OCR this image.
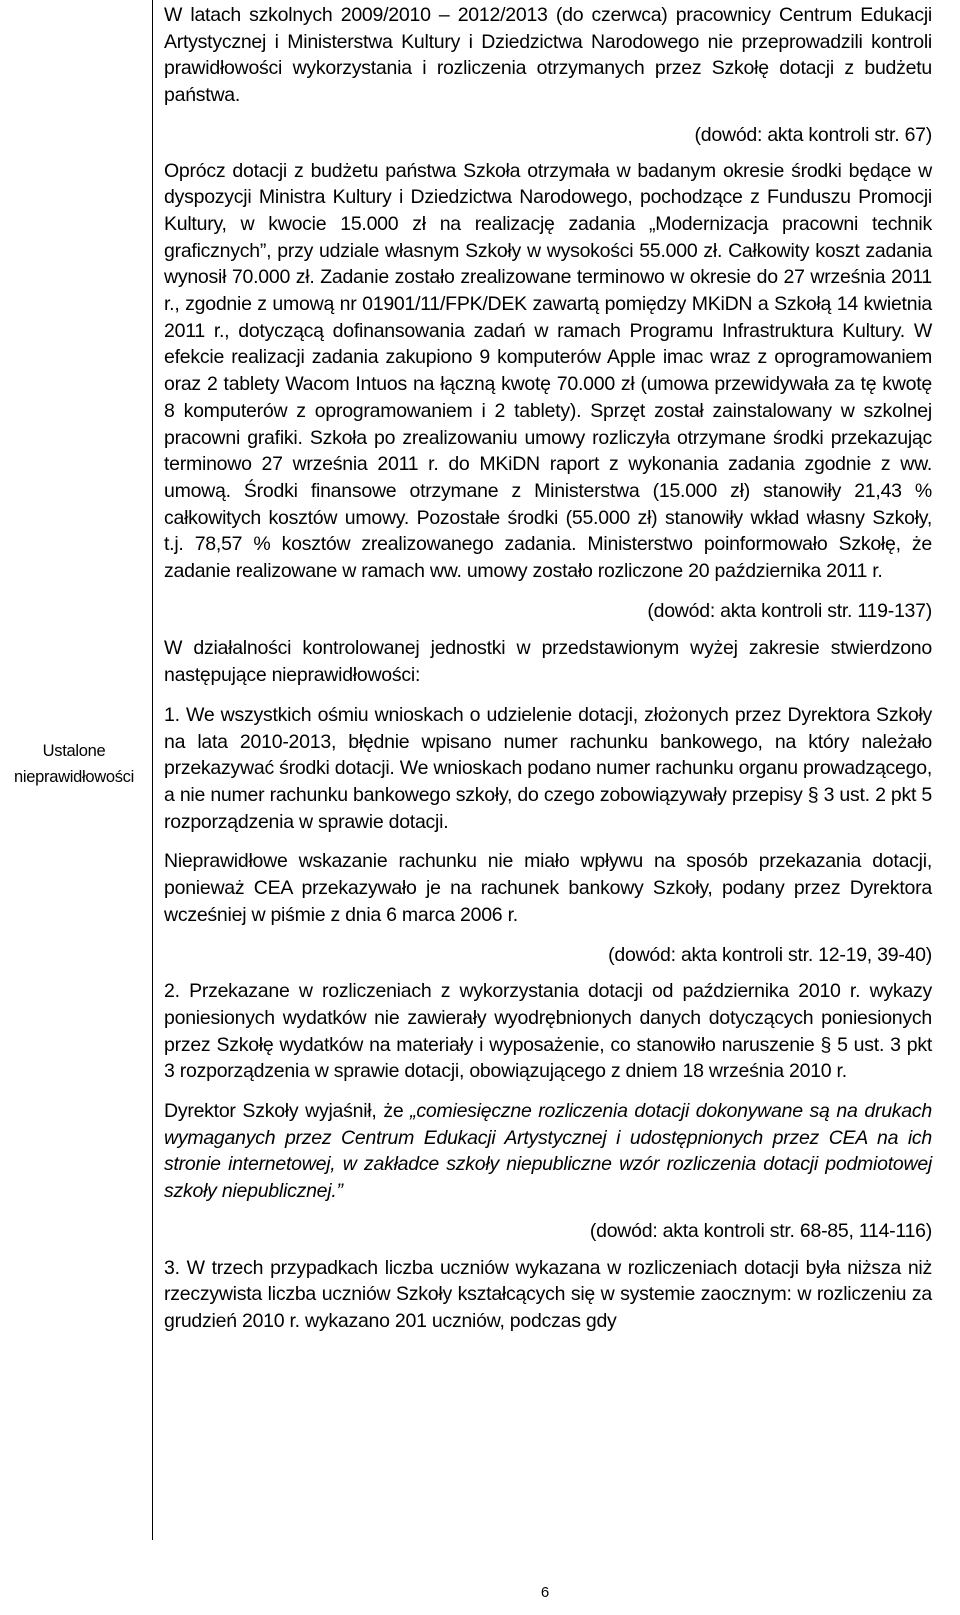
Ustalone nieprawidłowości

W latach szkolnych 2009/2010 – 2012/2013 (do czerwca) pracownicy Centrum Edukacji Artystycznej i Ministerstwa Kultury i Dziedzictwa Narodowego nie przeprowadzili kontroli prawidłowości wykorzystania i rozliczenia otrzymanych przez Szkołę dotacji z budżetu państwa.

(dowód: akta kontroli str. 67)

Oprócz dotacji z budżetu państwa Szkoła otrzymała w badanym okresie środki będące w dyspozycji Ministra Kultury i Dziedzictwa Narodowego, pochodzące z Funduszu Promocji Kultury, w kwocie 15.000 zł na realizację zadania „Modernizacja pracowni technik graficznych”, przy udziale własnym Szkoły w wysokości 55.000 zł. Całkowity koszt zadania wynosił 70.000 zł. Zadanie zostało zrealizowane terminowo w okresie do 27 września 2011 r., zgodnie z umową nr 01901/11/FPK/DEK zawartą pomiędzy MKiDN a Szkołą 14 kwietnia 2011 r., dotyczącą dofinansowania zadań w ramach Programu Infrastruktura Kultury. W efekcie realizacji zadania zakupiono 9 komputerów Apple imac wraz z oprogramowaniem oraz 2 tablety Wacom Intuos na łączną kwotę 70.000 zł (umowa przewidywała za tę kwotę 8 komputerów z oprogramowaniem i 2 tablety). Sprzęt został zainstalowany w szkolnej pracowni grafiki. Szkoła po zrealizowaniu umowy rozliczyła otrzymane środki przekazując terminowo 27 września 2011 r. do MKiDN raport z wykonania zadania zgodnie z ww. umową. Środki finansowe otrzymane z Ministerstwa (15.000 zł) stanowiły 21,43 % całkowitych kosztów umowy. Pozostałe środki (55.000 zł) stanowiły wkład własny Szkoły, t.j. 78,57 % kosztów zrealizowanego zadania. Ministerstwo poinformowało Szkołę, że zadanie realizowane w ramach ww. umowy zostało rozliczone 20 października 2011 r.

(dowód: akta kontroli str. 119-137)

W działalności kontrolowanej jednostki w przedstawionym wyżej zakresie stwierdzono następujące nieprawidłowości:

1. We wszystkich ośmiu wnioskach o udzielenie dotacji, złożonych przez Dyrektora Szkoły na lata 2010-2013, błędnie wpisano numer rachunku bankowego, na który należało przekazywać środki dotacji. We wnioskach podano numer rachunku organu prowadzącego, a nie numer rachunku bankowego szkoły, do czego zobowiązywały przepisy § 3 ust. 2 pkt 5 rozporządzenia w sprawie dotacji.

Nieprawidłowe wskazanie rachunku nie miało wpływu na sposób przekazania dotacji, ponieważ CEA przekazywało je na rachunek bankowy Szkoły, podany przez Dyrektora wcześniej w piśmie z dnia 6 marca 2006 r.

(dowód: akta kontroli str. 12-19, 39-40)

2. Przekazane w rozliczeniach z wykorzystania dotacji od października 2010 r. wykazy poniesionych wydatków nie zawierały wyodrębnionych danych dotyczących poniesionych przez Szkołę wydatków na materiały i wyposażenie, co stanowiło naruszenie § 5 ust. 3 pkt 3 rozporządzenia w sprawie dotacji, obowiązującego z dniem 18 września 2010 r.

Dyrektor Szkoły wyjaśnił, że „comiesięczne rozliczenia dotacji dokonywane są na drukach wymaganych przez Centrum Edukacji Artystycznej i udostępnionych przez CEA na ich stronie internetowej, w zakładce szkoły niepubliczne wzór rozliczenia dotacji podmiotowej szkoły niepublicznej.”

(dowód: akta kontroli str. 68-85, 114-116)

3. W trzech przypadkach liczba uczniów wykazana w rozliczeniach dotacji była niższa niż rzeczywista liczba uczniów Szkoły kształcących się w systemie zaocznym: w rozliczeniu za grudzień 2010 r. wykazano 201 uczniów, podczas gdy

6
